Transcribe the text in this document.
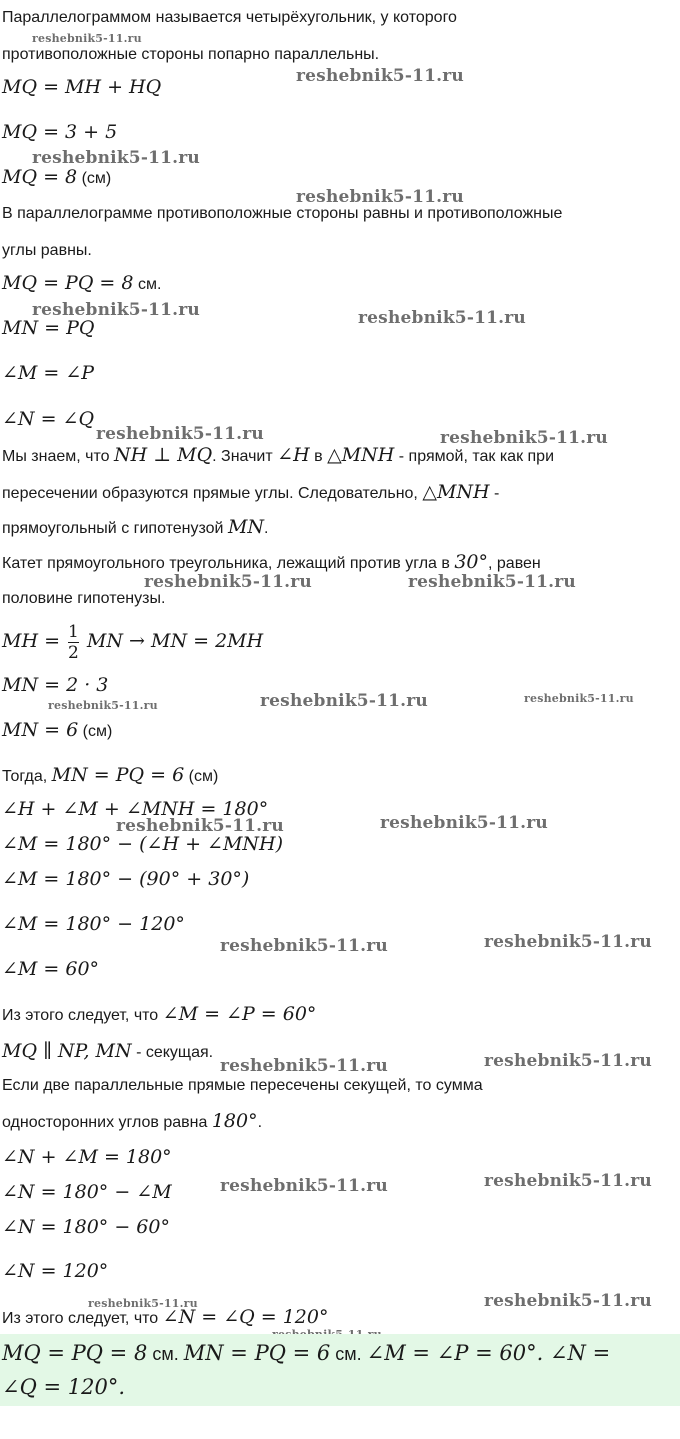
reshebnik5-11.ru
reshebnik5-11.ru
reshebnik5-11.ru
reshebnik5-11.ru
reshebnik5-11.ru	reshebnik5-11.ru
reshebnik5-11.ru	reshebnik5-11.ru
reshebnik5-11.ru	reshebnik5-11.ru
reshebnik5-11.ru	reshebnik5-11.ru	reshebnik5-11.ru
reshebnik5-11.ru	reshebnik5-11.ru
reshebnik5-11.ru	reshebnik5-11.ru
reshebnik5-11.ru	reshebnik5-11.ru
reshebnik5-11.ru	reshebnik5-11.ru
reshebnik5-11.ru	reshebnik5-11.ru
Параллелограммом называется четырёхугольник, у которого
противоположные стороны попарно параллельны.
MQ = MH + HQ
MQ = 3 + 5
MQ = 8 (см)
В параллелограмме противоположные стороны равны и противоположные
углы равны.
MQ = PQ = 8 см.
MN = PQ
∠M = ∠P
∠N = ∠Q
Мы знаем, что NH ⊥ MQ. Значит ∠H в △MNH - прямой, так как при
пересечении образуются прямые углы. Следовательно, △MNH -
прямоугольный с гипотенузой MN.
Катет прямоугольного треугольника, лежащий против угла в 30°, равен
половине гипотенузы.
MH = $\frac{1}{2}$ MN → MN = 2MH
MN = 2 · 3
MN = 6 (см)
Тогда, MN = PQ = 6 (см)
∠H + ∠M + ∠MNH = 180°
∠M = 180° − (∠H + ∠MNH)
∠M = 180° − (90° + 30°)
∠M = 180° − 120°
∠M = 60°
Из этого следует, что ∠M = ∠P = 60°
MQ ∥ NP, MN - секущая.
Если две параллельные прямые пересечены секущей, то сумма
односторонних углов равна 180°.
∠N + ∠M = 180°
∠N = 180° − ∠M
∠N = 180° − 60°
∠N = 120°
Из этого следует, что ∠N = ∠Q = 120°
MQ = PQ = 8 см. MN = PQ = 6 см. ∠M = ∠P = 60°. ∠N =
∠Q = 120°.
